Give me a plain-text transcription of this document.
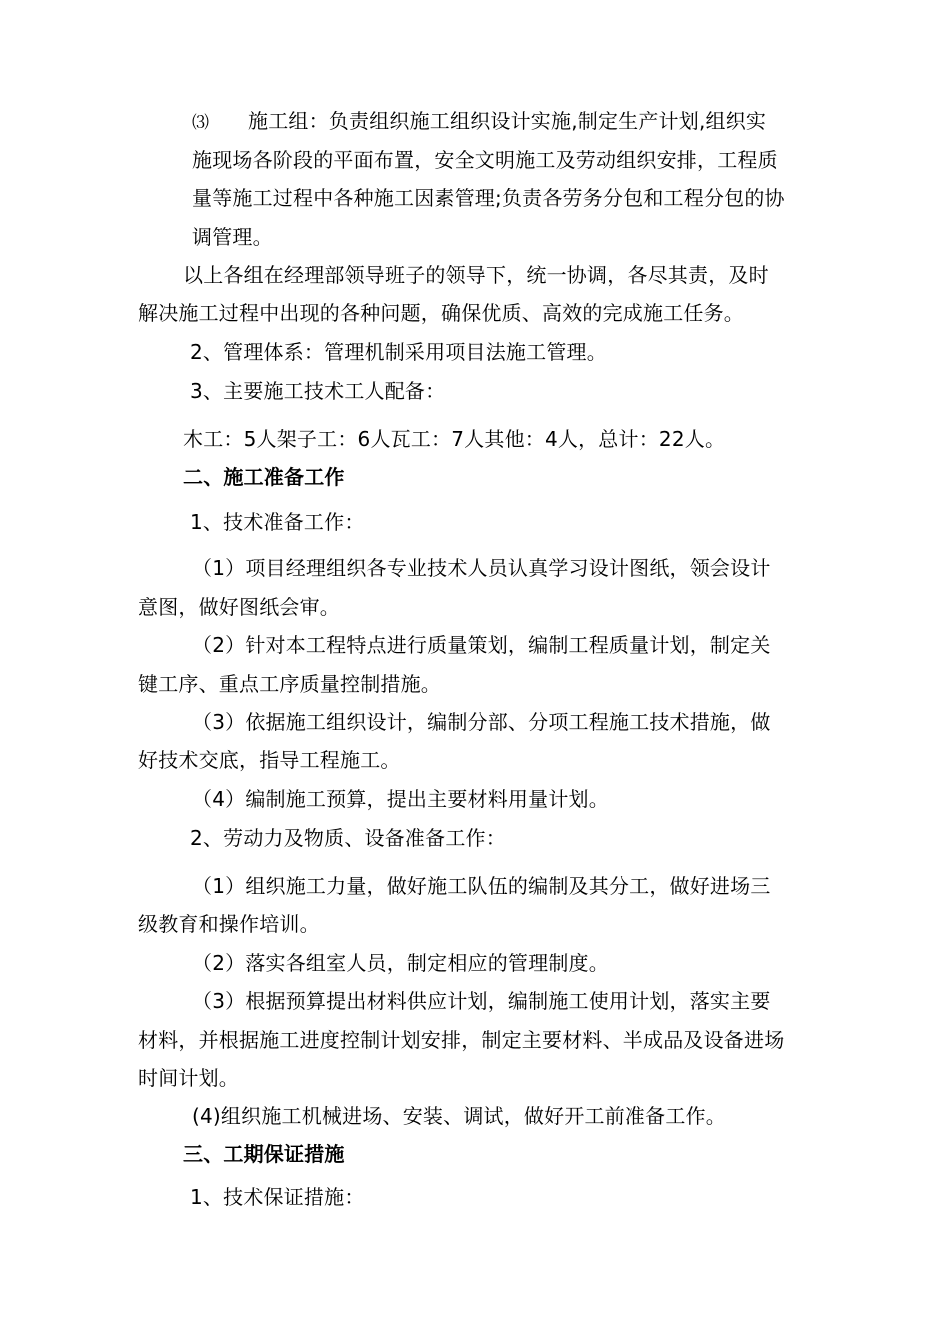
⑶ 施工组：负责组织施工组织设计实施,制定生产计划,组织实
施现场各阶段的平面布置，安全文明施工及劳动组织安排，工程质
量等施工过程中各种施工因素管理;负责各劳务分包和工程分包的协
调管理。
以上各组在经理部领导班子的领导下，统一协调，各尽其责，及时
解决施工过程中出现的各种问题，确保优质、高效的完成施工任务。
2、管理体系：管理机制采用项目法施工管理。
3、主要施工技术工人配备：
木工：5人架子工：6人瓦工：7人其他：4人，总计：22人。
二、施工准备工作
1、技术准备工作：
（1）项目经理组织各专业技术人员认真学习设计图纸，领会设计
意图，做好图纸会审。
（2）针对本工程特点进行质量策划，编制工程质量计划，制定关
键工序、重点工序质量控制措施。
（3）依据施工组织设计，编制分部、分项工程施工技术措施，做
好技术交底，指导工程施工。
（4）编制施工预算，提出主要材料用量计划。
2、劳动力及物质、设备准备工作：
（1）组织施工力量，做好施工队伍的编制及其分工，做好进场三
级教育和操作培训。
（2）落实各组室人员，制定相应的管理制度。
（3）根据预算提出材料供应计划，编制施工使用计划，落实主要
材料，并根据施工进度控制计划安排，制定主要材料、半成品及设备进场
时间计划。
(4)组织施工机械进场、安装、调试，做好开工前准备工作。
三、工期保证措施
1、技术保证措施：
